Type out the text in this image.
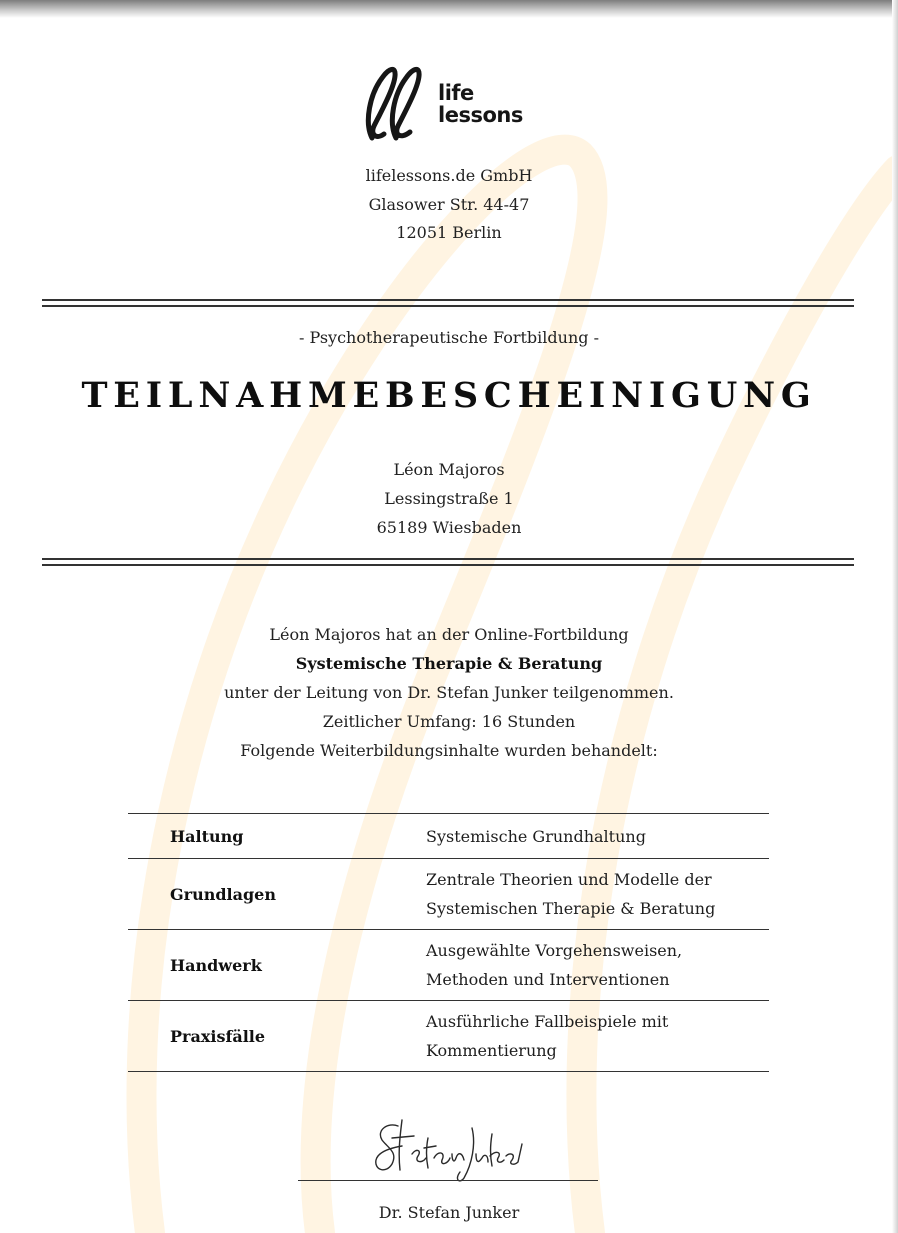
life
lessons
lifelessons.de GmbH
Glasower Str. 44-47
12051 Berlin
- Psychotherapeutische Fortbildung -
TEILNAHMEBESCHEINIGUNG
Léon Majoros
Lessingstraße 1
65189 Wiesbaden
Léon Majoros hat an der Online-Fortbildung
Systemische Therapie & Beratung
unter der Leitung von Dr. Stefan Junker teilgenommen.
Zeitlicher Umfang: 16 Stunden
Folgende Weiterbildungsinhalte wurden behandelt:
Haltung	Systemische Grundhaltung

Grundlagen	Zentrale Theorien und Modelle der
Systemischen Therapie & Beratung

Handwerk	Ausgewählte Vorgehensweisen,
Methoden und Interventionen

Praxisfälle	Ausführliche Fallbeispiele mit
Kommentierung
Dr. Stefan Junker
